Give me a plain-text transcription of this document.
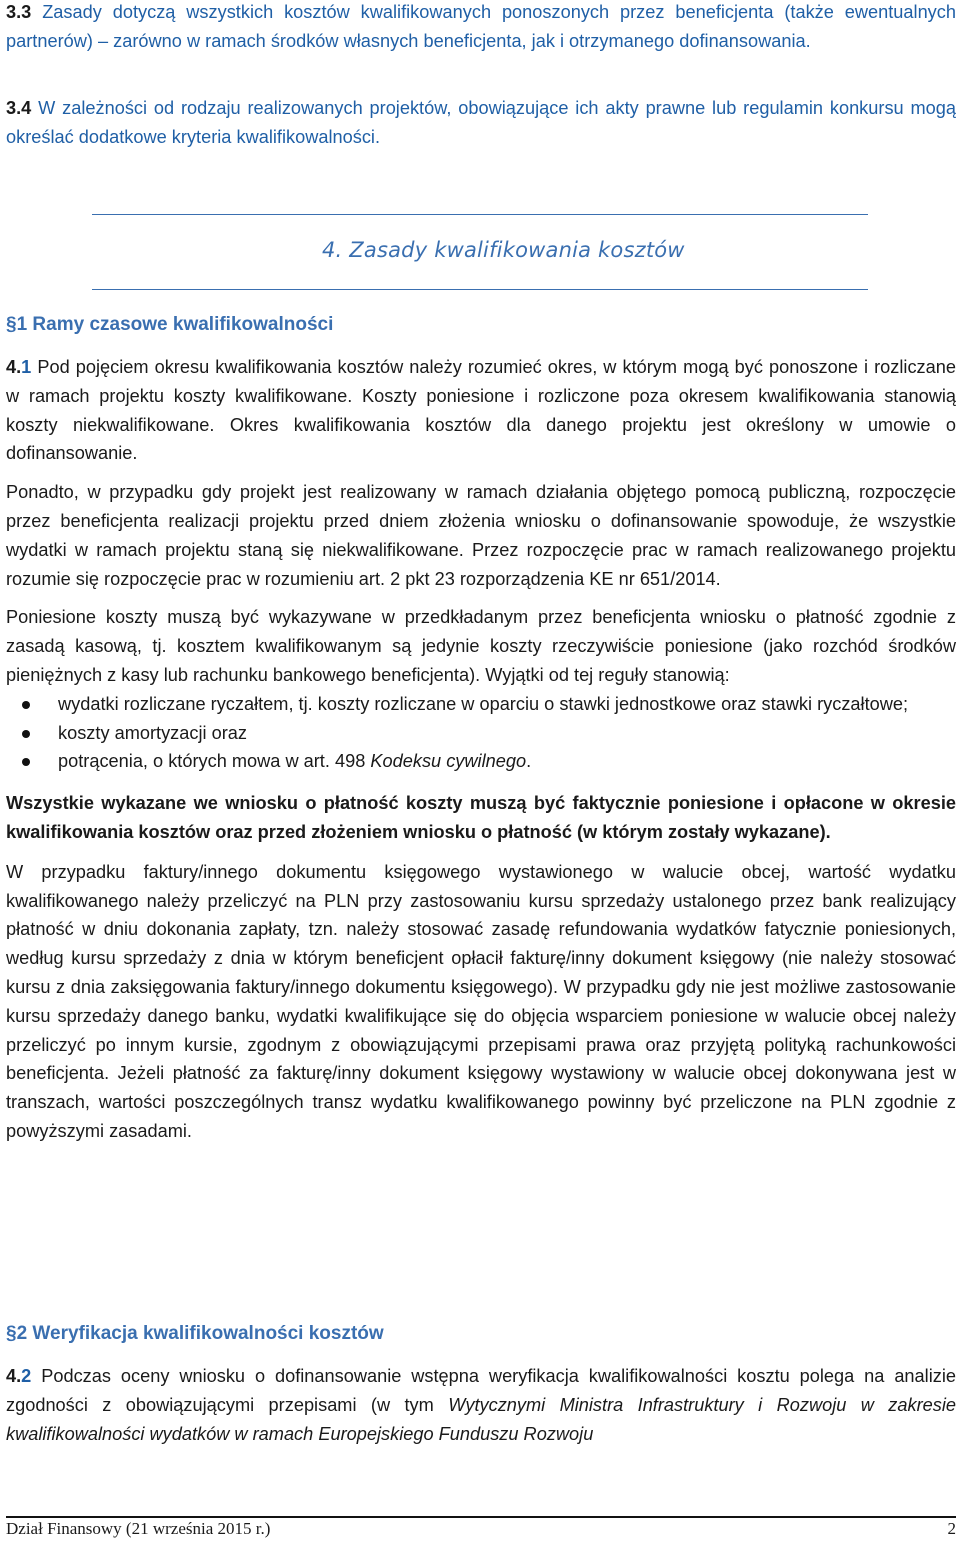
3.3 Zasady dotyczą wszystkich kosztów kwalifikowanych ponoszonych przez beneficjenta (także ewentualnych partnerów) – zarówno w ramach środków własnych beneficjenta, jak i otrzymanego dofinansowania.

3.4 W zależności od rodzaju realizowanych projektów, obowiązujące ich akty prawne lub regulamin konkursu mogą określać dodatkowe kryteria kwalifikowalności.

4. Zasady kwalifikowania kosztów
§1 Ramy czasowe kwalifikowalności

4.1 Pod pojęciem okresu kwalifikowania kosztów należy rozumieć okres, w którym mogą być ponoszone i rozliczane w ramach projektu koszty kwalifikowane. Koszty poniesione i rozliczone poza okresem kwalifikowania stanowią koszty niekwalifikowane. Okres kwalifikowania kosztów dla danego projektu jest określony w umowie o dofinansowanie.

Ponadto, w przypadku gdy projekt jest realizowany w ramach działania objętego pomocą publiczną, rozpoczęcie przez beneficjenta realizacji projektu przed dniem złożenia wniosku o dofinansowanie spowoduje, że wszystkie wydatki w ramach projektu staną się niekwalifikowane. Przez rozpoczęcie prac w ramach realizowanego projektu rozumie się rozpoczęcie prac w rozumieniu art. 2 pkt 23 rozporządzenia KE nr 651/2014.

Poniesione koszty muszą być wykazywane w przedkładanym przez beneficjenta wniosku o płatność zgodnie z zasadą kasową, tj. kosztem kwalifikowanym są jedynie koszty rzeczywiście poniesione (jako rozchód środków pieniężnych z kasy lub rachunku bankowego beneficjenta). Wyjątki od tej reguły stanowią:

wydatki rozliczane ryczałtem, tj. koszty rozliczane w oparciu o stawki jednostkowe oraz stawki ryczałtowe;
koszty amortyzacji oraz
potrącenia, o których mowa w art. 498 Kodeksu cywilnego.

Wszystkie wykazane we wniosku o płatność koszty muszą być faktycznie poniesione i opłacone w okresie kwalifikowania kosztów oraz przed złożeniem wniosku o płatność (w którym zostały wykazane).

W przypadku faktury/innego dokumentu księgowego wystawionego w walucie obcej, wartość wydatku kwalifikowanego należy przeliczyć na PLN przy zastosowaniu kursu sprzedaży ustalonego przez bank realizujący płatność w dniu dokonania zapłaty, tzn. należy stosować zasadę refundowania wydatków fatycznie poniesionych, według kursu sprzedaży z dnia w którym beneficjent opłacił fakturę/inny dokument księgowy (nie należy stosować kursu z dnia zaksięgowania faktury/innego dokumentu księgowego). W przypadku gdy nie jest możliwe zastosowanie kursu sprzedaży danego banku, wydatki kwalifikujące się do objęcia wsparciem poniesione w walucie obcej należy przeliczyć po innym kursie, zgodnym z obowiązującymi przepisami prawa oraz przyjętą polityką rachunkowości beneficjenta. Jeżeli płatność za fakturę/inny dokument księgowy wystawiony w walucie obcej dokonywana jest w transzach, wartości poszczególnych transz wydatku kwalifikowanego powinny być przeliczone na PLN zgodnie z powyższymi zasadami.

§2 Weryfikacja kwalifikowalności kosztów

4.2 Podczas oceny wniosku o dofinansowanie wstępna weryfikacja kwalifikowalności kosztu polega na analizie zgodności z obowiązującymi przepisami (w tym Wytycznymi Ministra Infrastruktury i Rozwoju w zakresie kwalifikowalności wydatków w ramach Europejskiego Funduszu Rozwoju

Dział Finansowy (21 września 2015 r.)	2
